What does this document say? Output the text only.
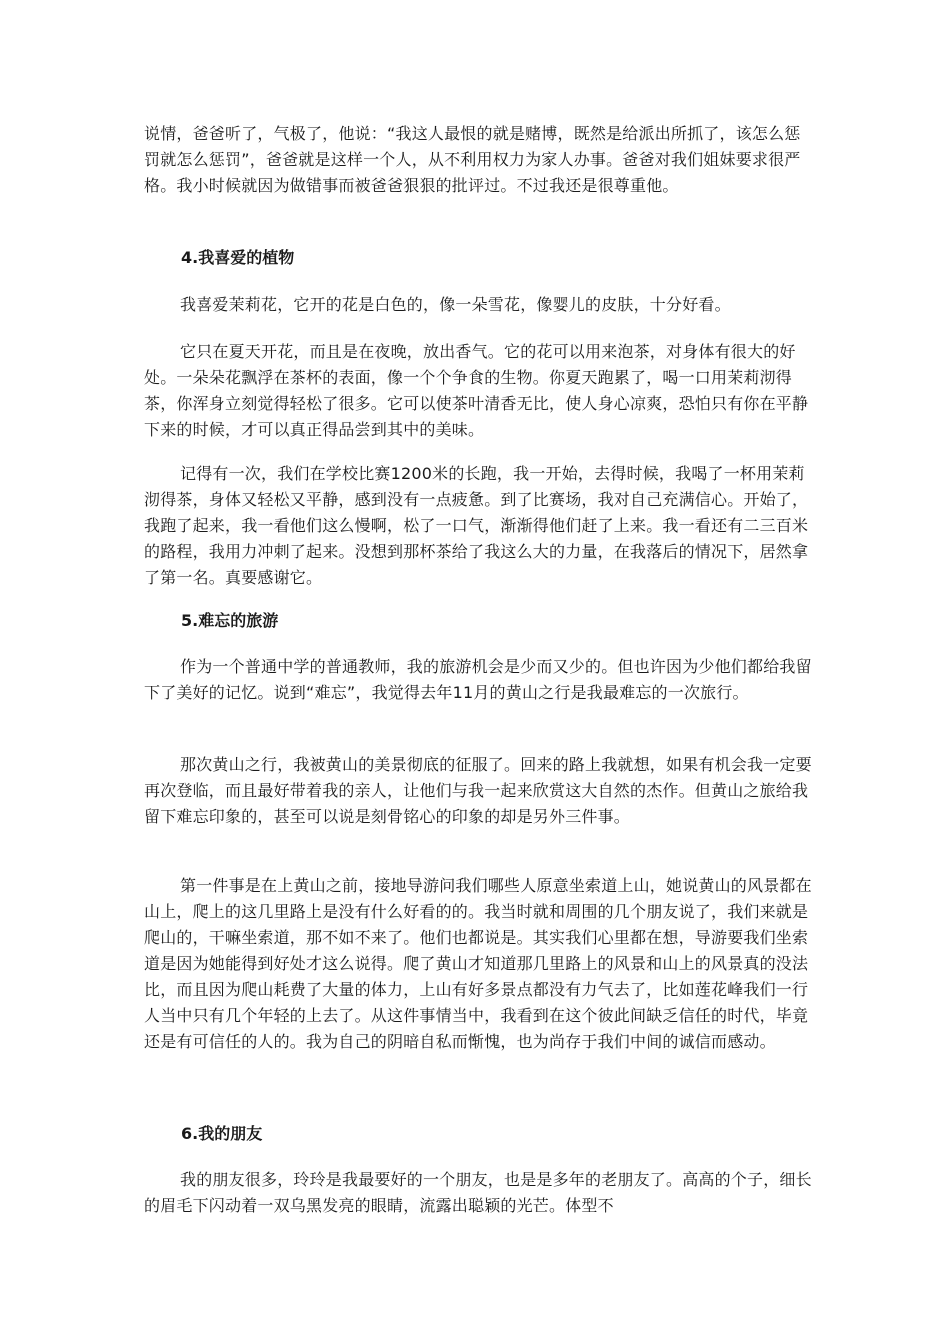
说情，爸爸听了，气极了，他说：“我这人最恨的就是赌博，既然是给派出所抓了，该怎么惩罚就怎么惩罚”，爸爸就是这样一个人，从不利用权力为家人办事。爸爸对我们姐妹要求很严格。我小时候就因为做错事而被爸爸狠狠的批评过。不过我还是很尊重他。

4.我喜爱的植物

我喜爱茉莉花，它开的花是白色的，像一朵雪花，像婴儿的皮肤，十分好看。

它只在夏天开花，而且是在夜晚，放出香气。它的花可以用来泡茶，对身体有很大的好处。一朵朵花飘浮在茶杯的表面，像一个个争食的生物。你夏天跑累了，喝一口用茉莉沏得茶，你浑身立刻觉得轻松了很多。它可以使茶叶清香无比，使人身心凉爽，恐怕只有你在平静下来的时候，才可以真正得品尝到其中的美味。

记得有一次，我们在学校比赛1200米的长跑，我一开始，去得时候，我喝了一杯用茉莉沏得茶，身体又轻松又平静，感到没有一点疲惫。到了比赛场，我对自己充满信心。开始了，我跑了起来，我一看他们这么慢啊，松了一口气，渐渐得他们赶了上来。我一看还有二三百米的路程，我用力冲刺了起来。没想到那杯茶给了我这么大的力量，在我落后的情况下，居然拿了第一名。真要感谢它。

5.难忘的旅游

作为一个普通中学的普通教师，我的旅游机会是少而又少的。但也许因为少他们都给我留下了美好的记忆。说到“难忘”，我觉得去年11月的黄山之行是我最难忘的一次旅行。

那次黄山之行，我被黄山的美景彻底的征服了。回来的路上我就想，如果有机会我一定要再次登临，而且最好带着我的亲人，让他们与我一起来欣赏这大自然的杰作。但黄山之旅给我留下难忘印象的，甚至可以说是刻骨铭心的印象的却是另外三件事。

第一件事是在上黄山之前，接地导游问我们哪些人原意坐索道上山，她说黄山的风景都在山上，爬上的这几里路上是没有什么好看的的。我当时就和周围的几个朋友说了，我们来就是爬山的，干嘛坐索道，那不如不来了。他们也都说是。其实我们心里都在想，导游要我们坐索道是因为她能得到好处才这么说得。爬了黄山才知道那几里路上的风景和山上的风景真的没法比，而且因为爬山耗费了大量的体力，上山有好多景点都没有力气去了，比如莲花峰我们一行人当中只有几个年轻的上去了。从这件事情当中，我看到在这个彼此间缺乏信任的时代，毕竟还是有可信任的人的。我为自己的阴暗自私而惭愧，也为尚存于我们中间的诚信而感动。

6.我的朋友

我的朋友很多，玲玲是我最要好的一个朋友，也是是多年的老朋友了。高高的个子，细长的眉毛下闪动着一双乌黑发亮的眼睛，流露出聪颖的光芒。体型不
